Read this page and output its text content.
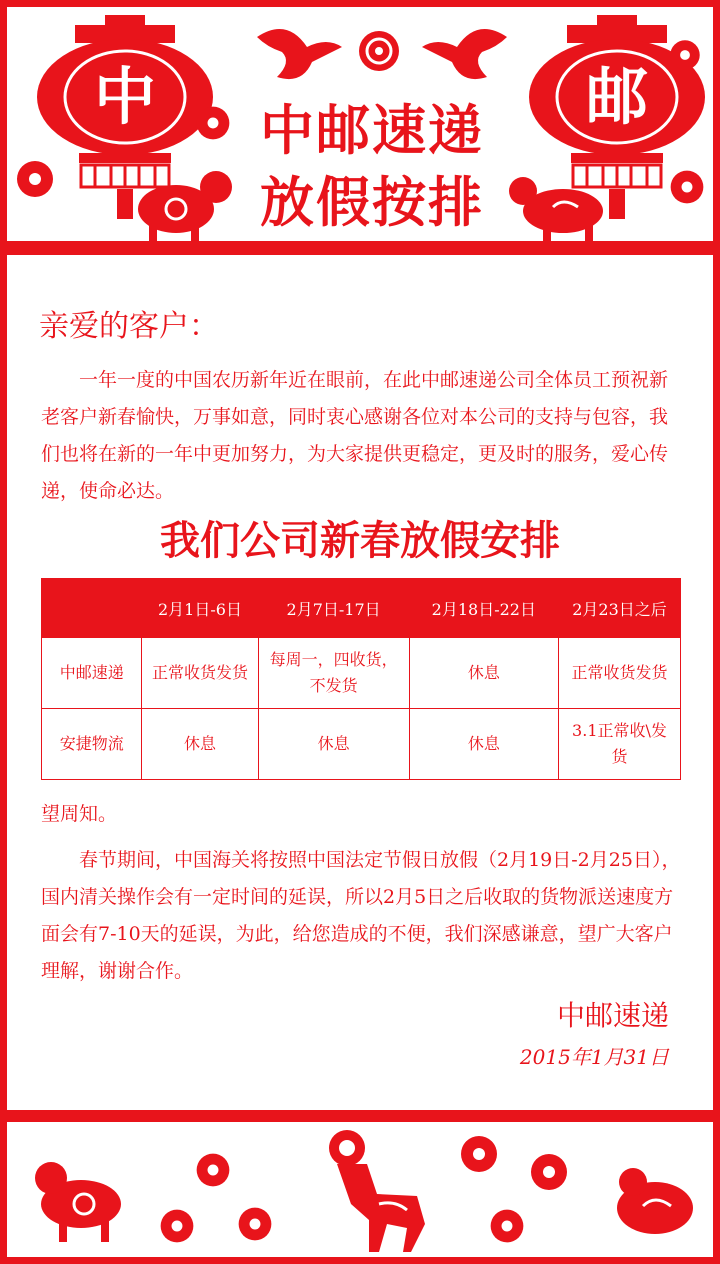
中	邮
中邮速递
放假按排
亲爱的客户：
一年一度的中国农历新年近在眼前，在此中邮速递公司全体员工预祝新老客户新春愉快，万事如意，同时衷心感谢各位对本公司的支持与包容，我们也将在新的一年中更加努力，为大家提供更稳定，更及时的服务，爱心传递，使命必达。
我们公司新春放假安排
	2月1日-6日	2月7日-17日	2月18日-22日	2月23日之后
中邮速递	正常收货发货	每周一，四收货，不发货	休息	正常收货发货
安捷物流	休息	休息	休息	3.1正常收\发货
望周知。
春节期间，中国海关将按照中国法定节假日放假（2月19日-2月25日），国内清关操作会有一定时间的延误，所以2月5日之后收取的货物派送速度方面会有7-10天的延误，为此，给您造成的不便，我们深感谦意，望广大客户理解，谢谢合作。
中邮速递
2015年1月31日
